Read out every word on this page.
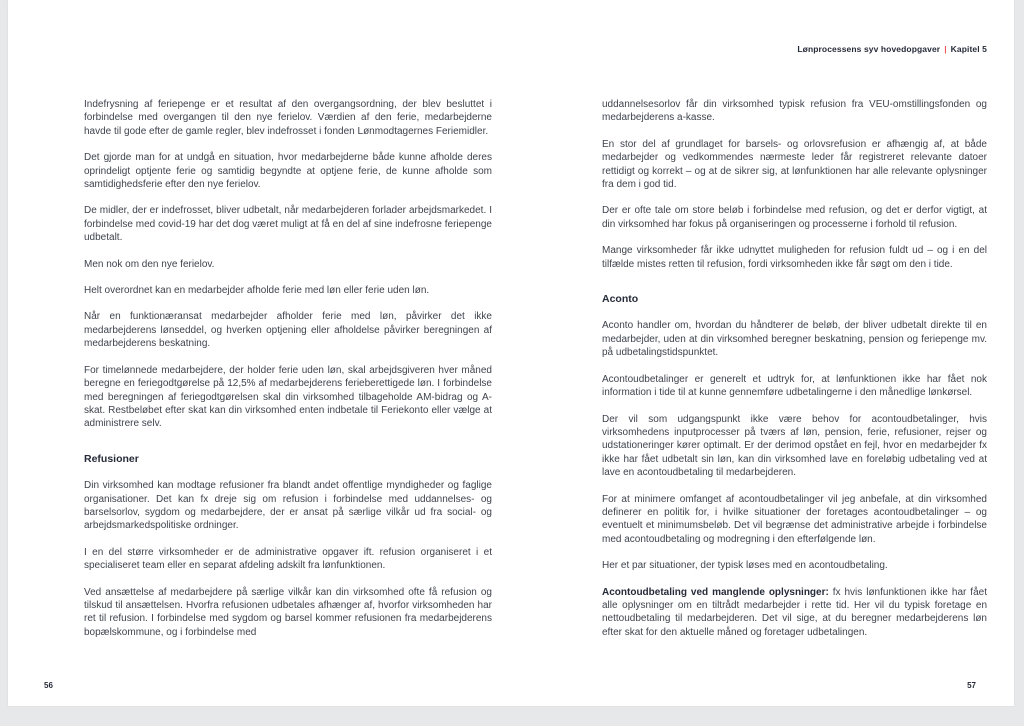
Lønprocessens syv hovedopgaver | Kapitel 5

Indefrysning af feriepenge er et resultat af den overgangsordning, der blev besluttet i forbindelse med overgangen til den nye ferielov. Værdien af den ferie, medarbejderne havde til gode efter de gamle regler, blev indefrosset i fonden Lønmodtagernes Feriemidler.

Det gjorde man for at undgå en situation, hvor medarbejderne både kunne afholde deres oprindeligt optjente ferie og samtidig begyndte at optjene ferie, de kunne afholde som samtidighedsferie efter den nye ferielov.

De midler, der er indefrosset, bliver udbetalt, når medarbejderen forlader arbejdsmarkedet. I forbindelse med covid-19 har det dog været muligt at få en del af sine indefrosne feriepenge udbetalt.

Men nok om den nye ferielov.

Helt overordnet kan en medarbejder afholde ferie med løn eller ferie uden løn.

Når en funktionæransat medarbejder afholder ferie med løn, påvirker det ikke medarbejderens lønseddel, og hverken optjening eller afholdelse påvirker beregningen af medarbejderens beskatning.

For timelønnede medarbejdere, der holder ferie uden løn, skal arbejdsgiveren hver måned beregne en feriegodtgørelse på 12,5% af medarbejderens ferieberettigede løn. I forbindelse med beregningen af feriegodtgørelsen skal din virksomhed tilbageholde AM-bidrag og A-skat. Restbeløbet efter skat kan din virksomhed enten indbetale til Feriekonto eller vælge at administrere selv.

Refusioner

Din virksomhed kan modtage refusioner fra blandt andet offentlige myndigheder og faglige organisationer. Det kan fx dreje sig om refusion i forbindelse med uddannelses- og barselsorlov, sygdom og medarbejdere, der er ansat på særlige vilkår ud fra social- og arbejdsmarkedspolitiske ordninger.

I en del større virksomheder er de administrative opgaver ift. refusion organiseret i et specialiseret team eller en separat afdeling adskilt fra lønfunktionen.

Ved ansættelse af medarbejdere på særlige vilkår kan din virksomhed ofte få refusion og tilskud til ansættelsen. Hvorfra refusionen udbetales afhænger af, hvorfor virksomheden har ret til refusion. I forbindelse med sygdom og barsel kommer refusionen fra medarbejderens bopælskommune, og i forbindelse med

uddannelsesorlov får din virksomhed typisk refusion fra VEU-omstillingsfonden og medarbejderens a-kasse.

En stor del af grundlaget for barsels- og orlovsrefusion er afhængig af, at både medarbejder og vedkommendes nærmeste leder får registreret relevante datoer rettidigt og korrekt – og at de sikrer sig, at lønfunktionen har alle relevante oplysninger fra dem i god tid.

Der er ofte tale om store beløb i forbindelse med refusion, og det er derfor vigtigt, at din virksomhed har fokus på organiseringen og processerne i forhold til refusion.

Mange virksomheder får ikke udnyttet muligheden for refusion fuldt ud – og i en del tilfælde mistes retten til refusion, fordi virksomheden ikke får søgt om den i tide.

Aconto

Aconto handler om, hvordan du håndterer de beløb, der bliver udbetalt direkte til en medarbejder, uden at din virksomhed beregner beskatning, pension og feriepenge mv. på udbetalingstidspunktet.

Acontoudbetalinger er generelt et udtryk for, at lønfunktionen ikke har fået nok information i tide til at kunne gennemføre udbetalingerne i den månedlige lønkørsel.

Der vil som udgangspunkt ikke være behov for acontoudbetalinger, hvis virksomhedens inputprocesser på tværs af løn, pension, ferie, refusioner, rejser og udstationeringer kører optimalt. Er der derimod opstået en fejl, hvor en medarbejder fx ikke har fået udbetalt sin løn, kan din virksomhed lave en foreløbig udbetaling ved at lave en acontoudbetaling til medarbejderen.

For at minimere omfanget af acontoudbetalinger vil jeg anbefale, at din virksomhed definerer en politik for, i hvilke situationer der foretages acontoudbetalinger – og eventuelt et minimumsbeløb. Det vil begrænse det administrative arbejde i forbindelse med acontoudbetaling og modregning i den efterfølgende løn.

Her et par situationer, der typisk løses med en acontoudbetaling.

Acontoudbetaling ved manglende oplysninger: fx hvis lønfunktionen ikke har fået alle oplysninger om en tiltrådt medarbejder i rette tid. Her vil du typisk foretage en nettoudbetaling til medarbejderen. Det vil sige, at du beregner medarbejderens løn efter skat for den aktuelle måned og foretager udbetalingen.

56	57
